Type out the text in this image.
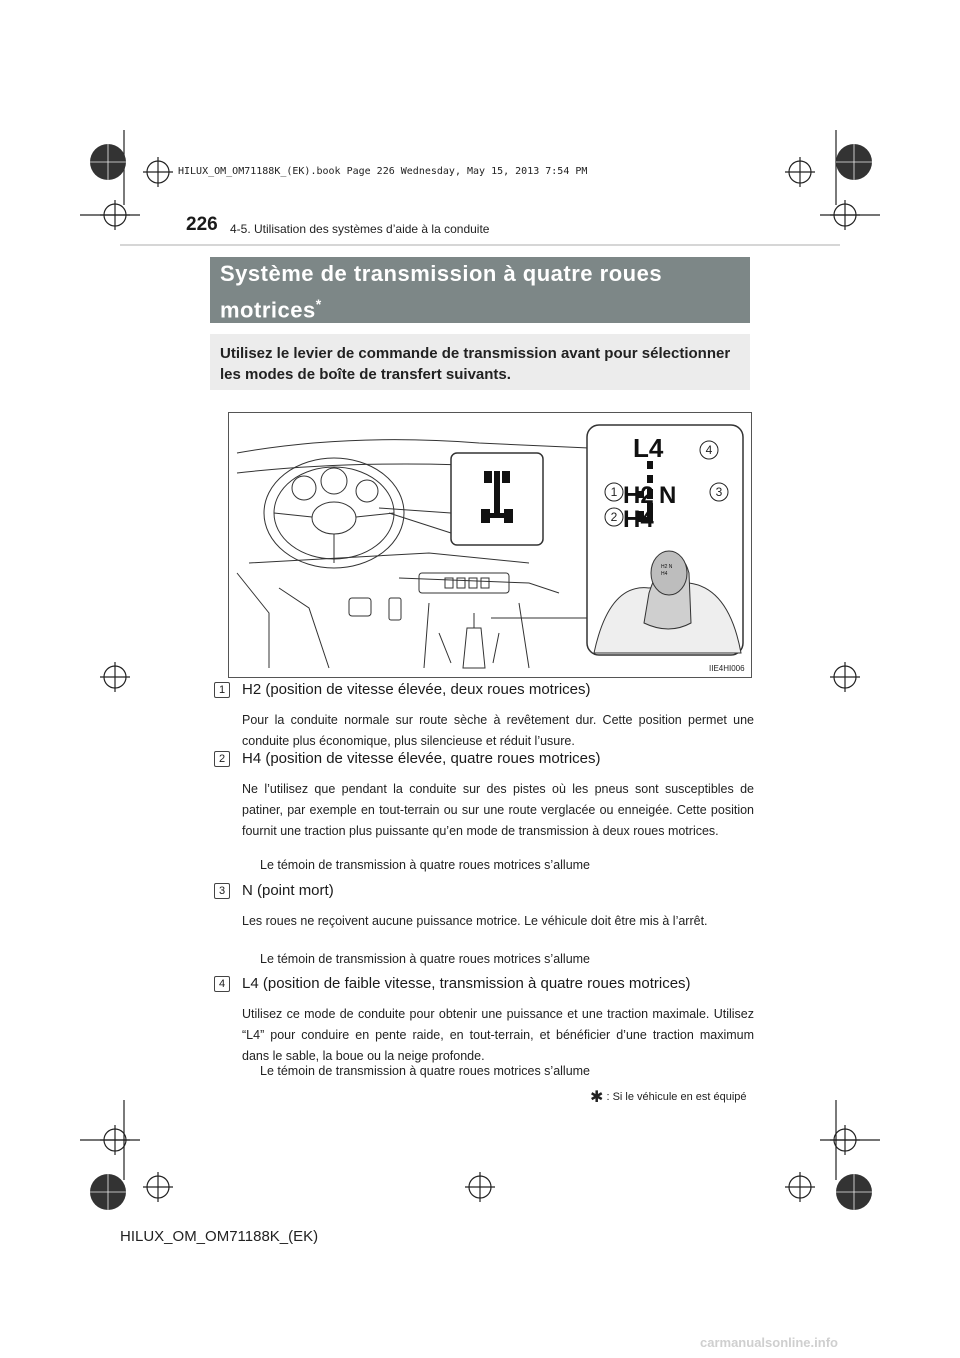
HILUX_OM_OM71188K_(EK).book Page 226 Wednesday, May 15, 2013 7:54 PM
226 4-5. Utilisation des systèmes d’aide à la conduite
Système de transmission à quatre roues motrices*
Utilisez le levier de commande de transmission avant pour sélectionner les modes de boîte de transfert suivants.
L4
H2 N
H4
4
1	3
2
H2 N
H4
IIE4HI006
1	H2 (position de vitesse élevée, deux roues motrices)
Pour la conduite normale sur route sèche à revêtement dur. Cette position permet une conduite plus économique, plus silencieuse et réduit l’usure.
2	H4 (position de vitesse élevée, quatre roues motrices)
Ne l’utilisez que pendant la conduite sur des pistes où les pneus sont susceptibles de patiner, par exemple en tout-terrain ou sur une route verglacée ou enneigée. Cette position fournit une traction plus puissante qu’en mode de transmission à deux roues motrices.
Le témoin de transmission à quatre roues motrices s’allume
3	N (point mort)
Les roues ne reçoivent aucune puissance motrice. Le véhicule doit être mis à l’arrêt.
Le témoin de transmission à quatre roues motrices s’allume
4	L4 (position de faible vitesse, transmission à quatre roues motrices)
Utilisez ce mode de conduite pour obtenir une puissance et une traction maximale. Utilisez “L4” pour conduire en pente raide, en tout-terrain, et bénéficier d’une traction maximum dans le sable, la boue ou la neige profonde.
Le témoin de transmission à quatre roues motrices s’allume
✱ : Si le véhicule en est équipé
HILUX_OM_OM71188K_(EK)
carmanualsonline.info
